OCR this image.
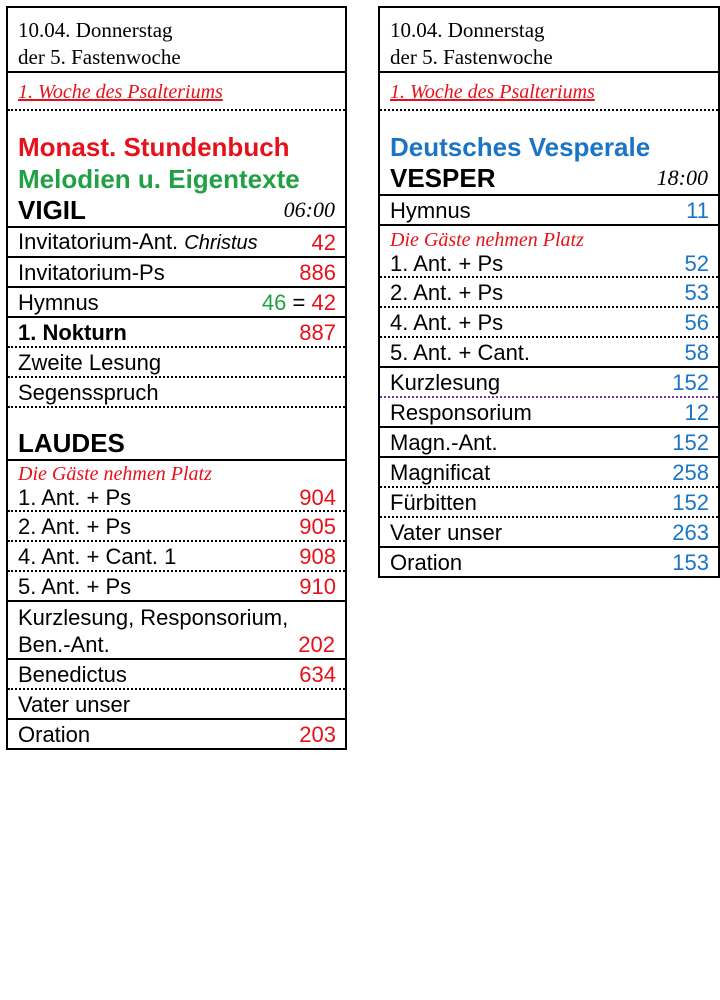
10.04. Donnerstag
der 5. Fastenwoche
1. Woche des Psalteriums
Monast. Stundenbuch
Melodien u. Eigentexte
VIGIL	06:00
Invitatorium-Ant. Christus 42
Invitatorium-Ps	886
Hymnus	46 = 42
1. Nokturn	887
Zweite Lesung
Segensspruch
LAUDES
Die Gäste nehmen Platz
1. Ant. + Ps	904
2. Ant. + Ps	905
4. Ant. + Cant. 1	908
5. Ant. + Ps	910
Kurzlesung, Responsorium,
Ben.-Ant.	202
Benedictus	634
Vater unser
Oration	203
10.04. Donnerstag
der 5. Fastenwoche
1. Woche des Psalteriums
Deutsches Vesperale
VESPER	18:00
Hymnus	11
Die Gäste nehmen Platz
1. Ant. + Ps	52
2. Ant. + Ps	53
4. Ant. + Ps	56
5. Ant. + Cant.	58
Kurzlesung	152
Responsorium	12
Magn.-Ant.	152
Magnificat	258
Fürbitten	152
Vater unser	263
Oration	153
